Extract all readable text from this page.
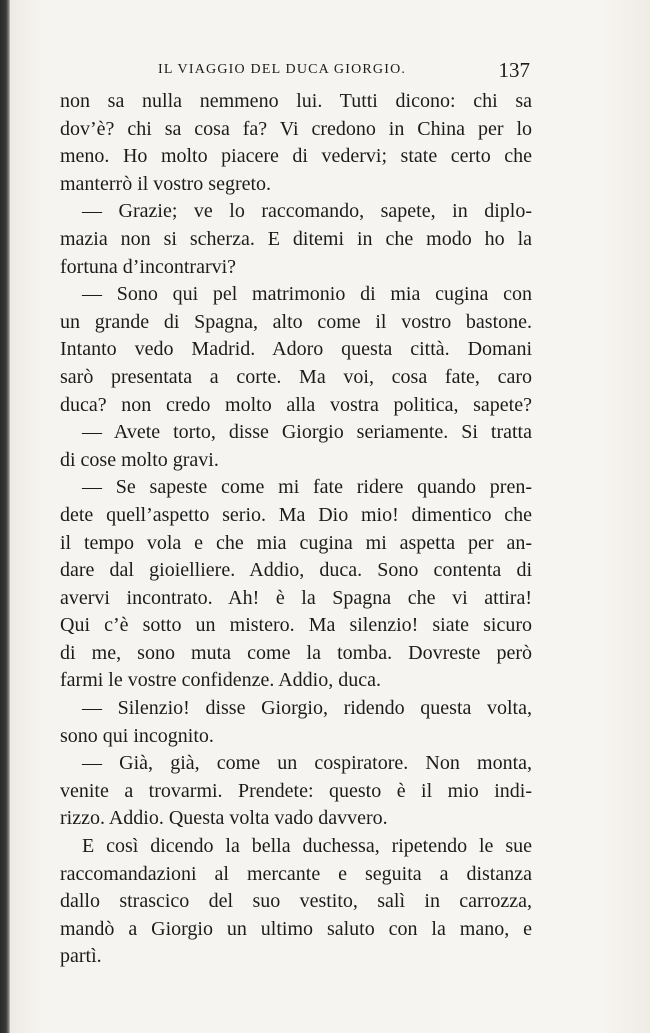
IL VIAGGIO DEL DUCA GIORGIO.	137
non sa nulla nemmeno lui. Tutti dicono: chi sa
dov’è? chi sa cosa fa? Vi credono in China per lo
meno. Ho molto piacere di vedervi; state certo che
manterrò il vostro segreto.
— Grazie; ve lo raccomando, sapete, in diplo-
mazia non si scherza. E ditemi in che modo ho la
fortuna d’incontrarvi?
— Sono qui pel matrimonio di mia cugina con
un grande di Spagna, alto come il vostro bastone.
Intanto vedo Madrid. Adoro questa città. Domani
sarò presentata a corte. Ma voi, cosa fate, caro
duca? non credo molto alla vostra politica, sapete?
— Avete torto, disse Giorgio seriamente. Si tratta
di cose molto gravi.
— Se sapeste come mi fate ridere quando pren-
dete quell’aspetto serio. Ma Dio mio! dimentico che
il tempo vola e che mia cugina mi aspetta per an-
dare dal gioielliere. Addio, duca. Sono contenta di
avervi incontrato. Ah! è la Spagna che vi attira!
Qui c’è sotto un mistero. Ma silenzio! siate sicuro
di me, sono muta come la tomba. Dovreste però
farmi le vostre confidenze. Addio, duca.
— Silenzio! disse Giorgio, ridendo questa volta,
sono qui incognito.
— Già, già, come un cospiratore. Non monta,
venite a trovarmi. Prendete: questo è il mio indi-
rizzo. Addio. Questa volta vado davvero.
E così dicendo la bella duchessa, ripetendo le sue
raccomandazioni al mercante e seguita a distanza
dallo strascico del suo vestito, salì in carrozza,
mandò a Giorgio un ultimo saluto con la mano, e
partì.
